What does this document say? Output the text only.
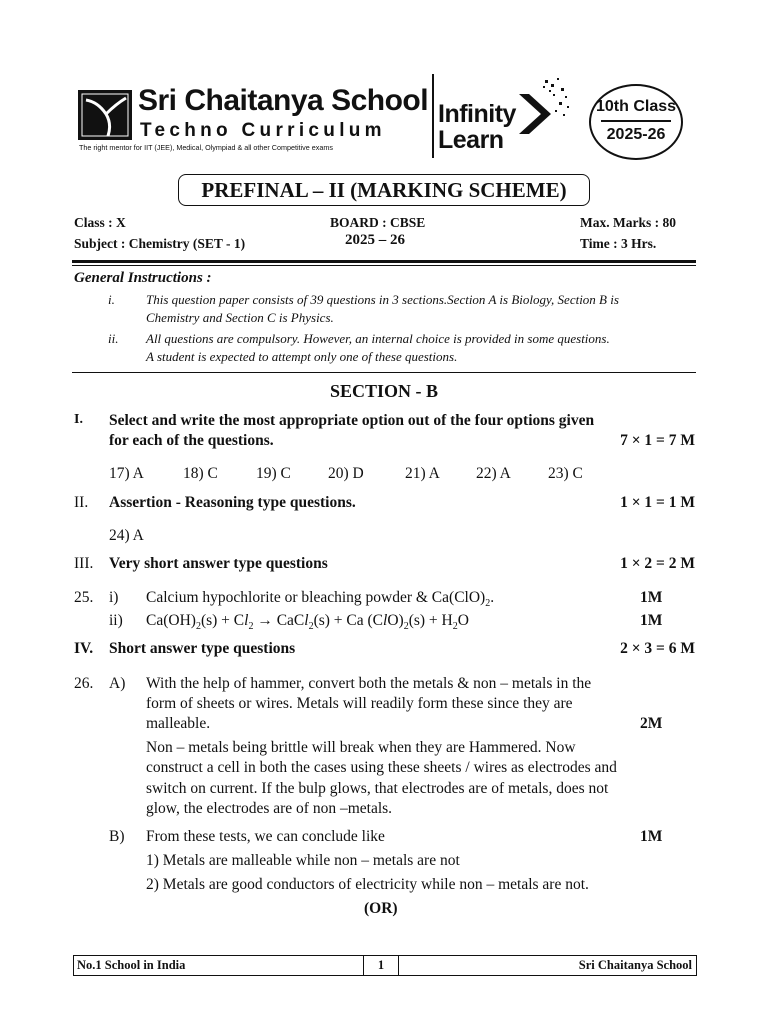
Sri Chaitanya School
Techno Curriculum
The right mentor for IIT (JEE), Medical, Olympiad & all other Competitive exams
Infinity
Learn
10th Class
2025-26
PREFINAL – II (MARKING SCHEME)
Class : X
Subject : Chemistry (SET - 1)
BOARD : CBSE
2025 – 26
Max. Marks : 80
Time : 3 Hrs.
General Instructions :
i. This question paper consists of 39 questions in 3 sections.Section A is Biology, Section B is
Chemistry and Section C is Physics.
ii. All questions are compulsory. However, an internal choice is provided in some questions.
A student is expected to attempt only one of these questions.
SECTION - B
I. Select and write the most appropriate option out of the four options given
for each of the questions.	7 × 1 = 7 M
17) A	18) C 19) C 20) D	21) A 22) A 23) C
II. Assertion - Reasoning type questions.	1 × 1 = 1 M
24) A
III. Very short answer type questions	1 × 2 = 2 M
25. i) Calcium hypochlorite or bleaching powder & $Ca(ClO)_2$.	1M
ii) $Ca(OH)_2(s) + Cl_2$ → CaCl$_2$(s) + Ca $(ClO)_2(s) + H_2O$	1M
IV. Short answer type questions	2 × 3 = 6 M
26. A) With the help of hammer, convert both the metals & non – metals in the
form of sheets or wires. Metals will readily form these since they are
malleable.	2M
Non – metals being brittle will break when they are Hammered. Now
construct a cell in both the cases using these sheets / wires as electrodes and
switch on current. If the bulp glows, that electrodes are of metals, does not
glow, the electrodes are of non –metals.
B) From these tests, we can conclude like	1M
1) Metals are malleable while non – metals are not
2) Metals are good conductors of electricity while non – metals are not.
(OR)
No.1 School in India	1	Sri Chaitanya School
